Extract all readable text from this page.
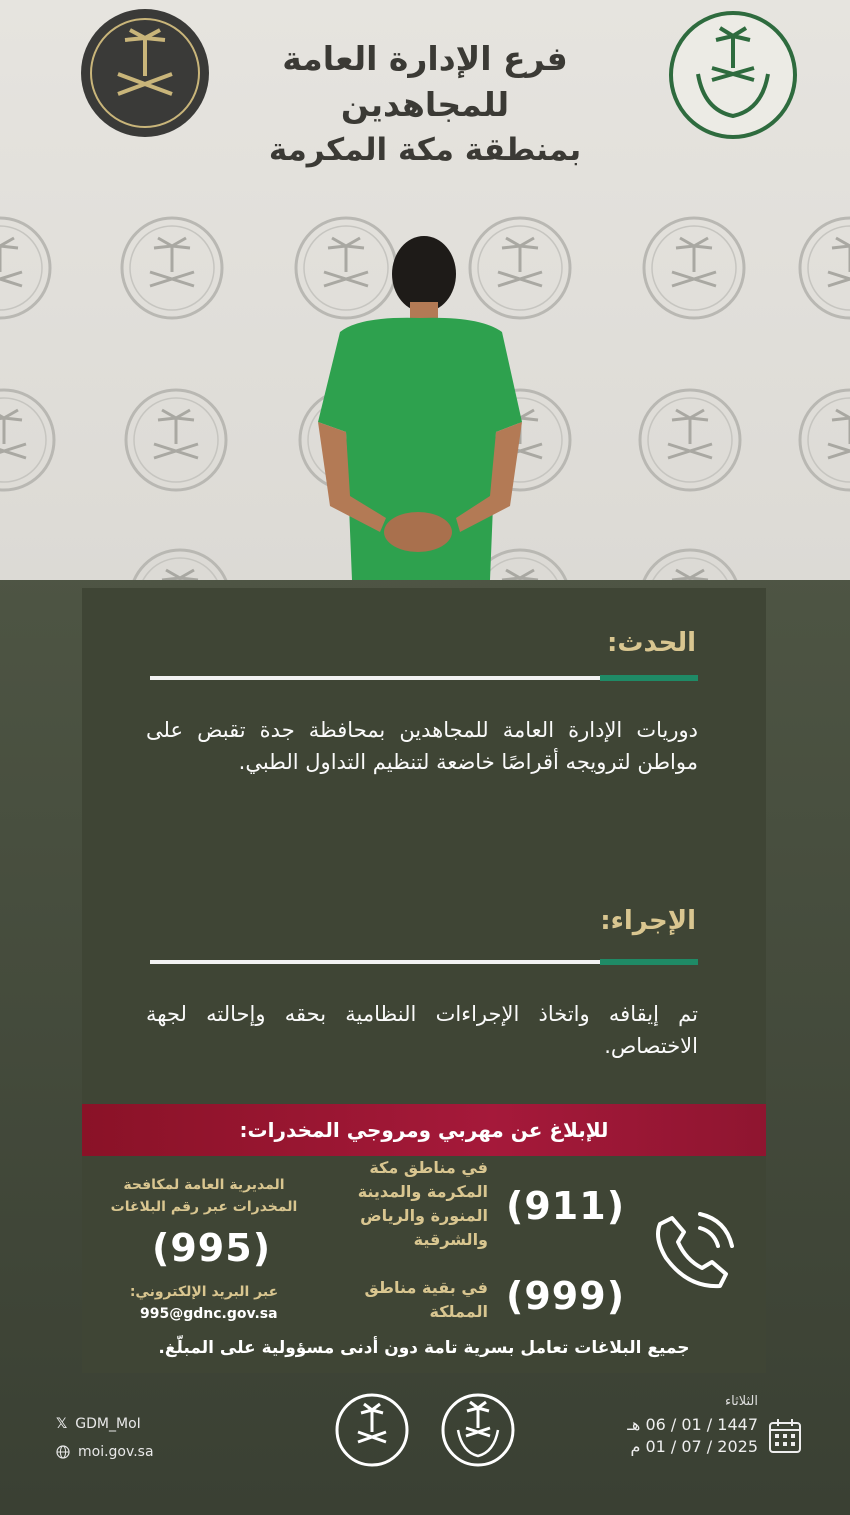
فرع الإدارة العامة للمجاهدين
بمنطقة مكة المكرمة
الحدث:
دوريات الإدارة العامة للمجاهدين بمحافظة جدة تقبض على مواطن لترويجه أقراصًا خاضعة لتنظيم التداول الطبي.
الإجراء:
تم إيقافه واتخاذ الإجراءات النظامية بحقه وإحالته لجهة الاختصاص.
للإبلاغ عن مهربي ومروجي المخدرات:
(911)
في مناطق مكة المكرمة والمدينة المنورة والرياض والشرقية
(999)
في بقية مناطق المملكة
المديرية العامة لمكافحة المخدرات عبر رقم البلاغات
(995)
عبر البريد الإلكتروني:
995@gdnc.gov.sa
جميع البلاغات تعامل بسرية تامة دون أدنى مسؤولية على المبلّغ.
𝕏 GDM_MoI
moi.gov.sa
الثلاثاء
1447 / 01 / 06 هـ
2025 / 07 / 01 م
